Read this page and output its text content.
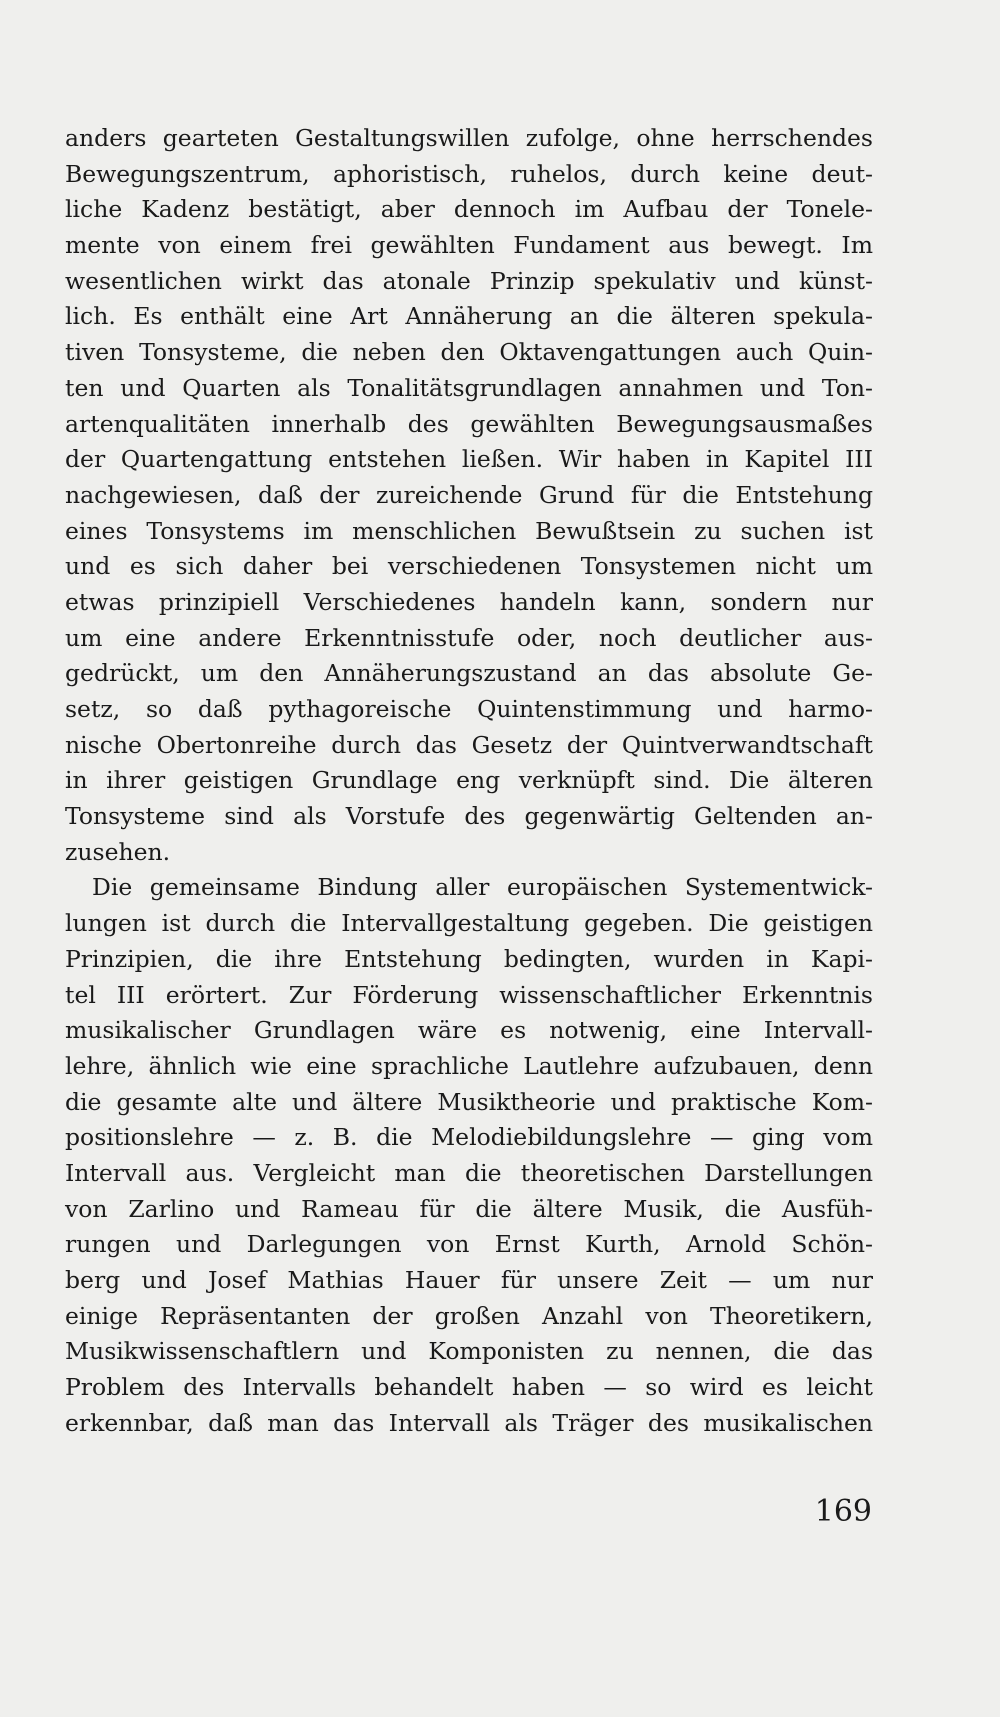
anders gearteten Gestaltungswillen zufolge, ohne herrschendes
Bewegungszentrum, aphoristisch, ruhelos, durch keine deut-
liche Kadenz bestätigt, aber dennoch im Aufbau der Tonele-
mente von einem frei gewählten Fundament aus bewegt. Im
wesentlichen wirkt das atonale Prinzip spekulativ und künst-
lich. Es enthält eine Art Annäherung an die älteren spekula-
tiven Tonsysteme, die neben den Oktavengattungen auch Quin-
ten und Quarten als Tonalitätsgrundlagen annahmen und Ton-
artenqualitäten innerhalb des gewählten Bewegungsausmaßes
der Quartengattung entstehen ließen. Wir haben in Kapitel III
nachgewiesen, daß der zureichende Grund für die Entstehung
eines Tonsystems im menschlichen Bewußtsein zu suchen ist
und es sich daher bei verschiedenen Tonsystemen nicht um
etwas prinzipiell Verschiedenes handeln kann, sondern nur
um eine andere Erkenntnisstufe oder, noch deutlicher aus-
gedrückt, um den Annäherungszustand an das absolute Ge-
setz, so daß pythagoreische Quintenstimmung und harmo-
nische Obertonreihe durch das Gesetz der Quintverwandtschaft
in ihrer geistigen Grundlage eng verknüpft sind. Die älteren
Tonsysteme sind als Vorstufe des gegenwärtig Geltenden an-
zusehen.
Die gemeinsame Bindung aller europäischen Systementwick-
lungen ist durch die Intervallgestaltung gegeben. Die geistigen
Prinzipien, die ihre Entstehung bedingten, wurden in Kapi-
tel III erörtert. Zur Förderung wissenschaftlicher Erkenntnis
musikalischer Grundlagen wäre es notwenig, eine Intervall-
lehre, ähnlich wie eine sprachliche Lautlehre aufzubauen, denn
die gesamte alte und ältere Musiktheorie und praktische Kom-
positionslehre — z. B. die Melodiebildungslehre — ging vom
Intervall aus. Vergleicht man die theoretischen Darstellungen
von Zarlino und Rameau für die ältere Musik, die Ausfüh-
rungen und Darlegungen von Ernst Kurth, Arnold Schön-
berg und Josef Mathias Hauer für unsere Zeit — um nur
einige Repräsentanten der großen Anzahl von Theoretikern,
Musikwissenschaftlern und Komponisten zu nennen, die das
Problem des Intervalls behandelt haben — so wird es leicht
erkennbar, daß man das Intervall als Träger des musikalischen
169
